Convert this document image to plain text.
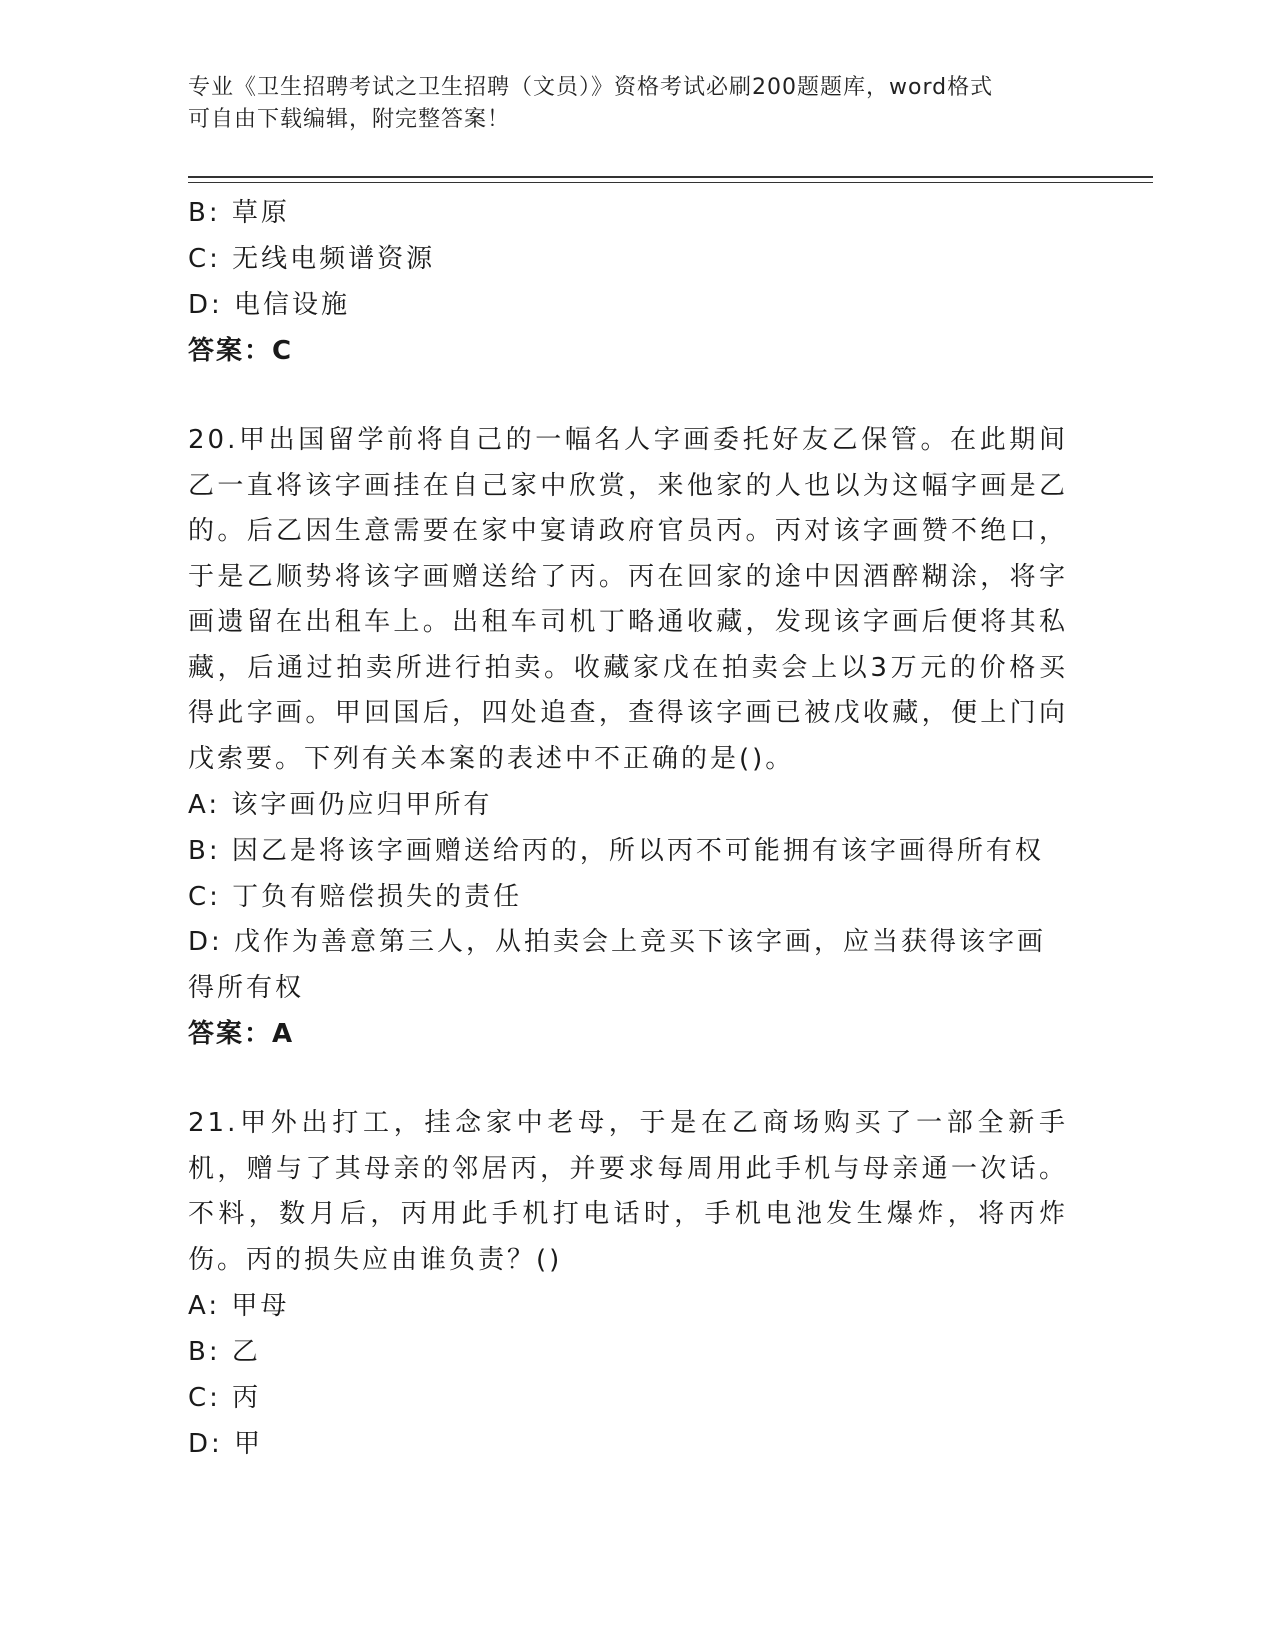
专业《卫生招聘考试之卫生招聘（文员）》资格考试必刷200题题库，word格式
可自由下载编辑，附完整答案！
B: 草原
C: 无线电频谱资源
D: 电信设施
答案：C
20.甲出国留学前将自己的一幅名人字画委托好友乙保管。在此期间乙一直将该字画挂在自己家中欣赏，来他家的人也以为这幅字画是乙的。后乙因生意需要在家中宴请政府官员丙。丙对该字画赞不绝口，于是乙顺势将该字画赠送给了丙。丙在回家的途中因酒醉糊涂，将字画遗留在出租车上。出租车司机丁略通收藏，发现该字画后便将其私藏，后通过拍卖所进行拍卖。收藏家戊在拍卖会上以3万元的价格买得此字画。甲回国后，四处追查，查得该字画已被戊收藏，便上门向戊索要。下列有关本案的表述中不正确的是()。
A: 该字画仍应归甲所有
B: 因乙是将该字画赠送给丙的，所以丙不可能拥有该字画得所有权
C: 丁负有赔偿损失的责任
D: 戊作为善意第三人，从拍卖会上竞买下该字画，应当获得该字画得所有权
答案：A
21.甲外出打工，挂念家中老母，于是在乙商场购买了一部全新手机，赠与了其母亲的邻居丙，并要求每周用此手机与母亲通一次话。不料，数月后，丙用此手机打电话时，手机电池发生爆炸，将丙炸伤。丙的损失应由谁负责？()
A: 甲母
B: 乙
C: 丙
D: 甲
